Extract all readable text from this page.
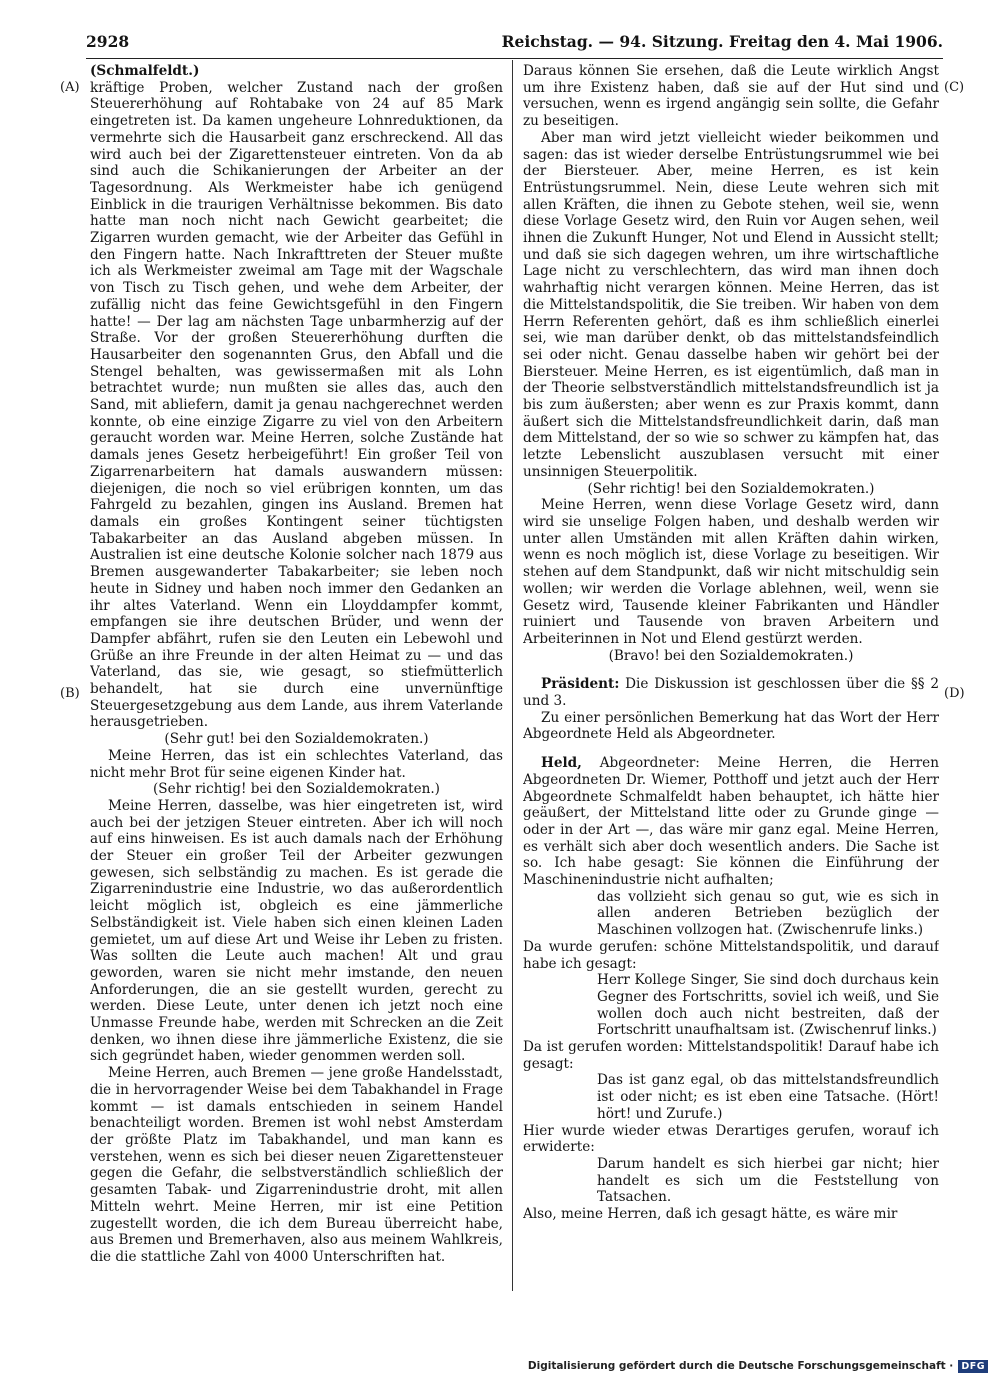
2928	Reichstag. — 94. Sitzung. Freitag den 4. Mai 1906.
(A)
(B)
(C)
(D)
(Schmalfeldt.)

kräftige Proben, welcher Zustand nach der großen Steuererhöhung auf Rohtabake von 24 auf 85 Mark eingetreten ist. Da kamen ungeheure Lohnreduktionen, da vermehrte sich die Hausarbeit ganz erschreckend. All das wird auch bei der Zigarettensteuer eintreten. Von da ab sind auch die Schikanierungen der Arbeiter an der Tagesordnung. Als Werkmeister habe ich genügend Einblick in die traurigen Verhältnisse bekommen. Bis dato hatte man noch nicht nach Gewicht gearbeitet; die Zigarren wurden gemacht, wie der Arbeiter das Gefühl in den Fingern hatte. Nach Inkrafttreten der Steuer mußte ich als Werkmeister zweimal am Tage mit der Wagschale von Tisch zu Tisch gehen, und wehe dem Arbeiter, der zufällig nicht das feine Gewichtsgefühl in den Fingern hatte! — Der lag am nächsten Tage unbarmherzig auf der Straße. Vor der großen Steuererhöhung durften die Hausarbeiter den sogenannten Grus, den Abfall und die Stengel behalten, was gewissermaßen mit als Lohn betrachtet wurde; nun mußten sie alles das, auch den Sand, mit abliefern, damit ja genau nachgerechnet werden konnte, ob eine einzige Zigarre zu viel von den Arbeitern geraucht worden war. Meine Herren, solche Zustände hat damals jenes Gesetz herbeigeführt! Ein großer Teil von Zigarrenarbeitern hat damals auswandern müssen: diejenigen, die noch so viel erübrigen konnten, um das Fahrgeld zu bezahlen, gingen ins Ausland. Bremen hat damals ein großes Kontingent seiner tüchtigsten Tabakarbeiter an das Ausland abgeben müssen. In Australien ist eine deutsche Kolonie solcher nach 1879 aus Bremen ausgewanderter Tabakarbeiter; sie leben noch heute in Sidney und haben noch immer den Gedanken an ihr altes Vaterland. Wenn ein Lloyddampfer kommt, empfangen sie ihre deutschen Brüder, und wenn der Dampfer abfährt, rufen sie den Leuten ein Lebewohl und Grüße an ihre Freunde in der alten Heimat zu — und das Vaterland, das sie, wie gesagt, so stiefmütterlich behandelt, hat sie durch eine unvernünftige Steuergesetzgebung aus dem Lande, aus ihrem Vaterlande herausgetrieben.

(Sehr gut! bei den Sozialdemokraten.)

Meine Herren, das ist ein schlechtes Vaterland, das nicht mehr Brot für seine eigenen Kinder hat.

(Sehr richtig! bei den Sozialdemokraten.)

Meine Herren, dasselbe, was hier eingetreten ist, wird auch bei der jetzigen Steuer eintreten. Aber ich will noch auf eins hinweisen. Es ist auch damals nach der Erhöhung der Steuer ein großer Teil der Arbeiter gezwungen gewesen, sich selbständig zu machen. Es ist gerade die Zigarrenindustrie eine Industrie, wo das außerordentlich leicht möglich ist, obgleich es eine jämmerliche Selbständigkeit ist. Viele haben sich einen kleinen Laden gemietet, um auf diese Art und Weise ihr Leben zu fristen. Was sollten die Leute auch machen! Alt und grau geworden, waren sie nicht mehr imstande, den neuen Anforderungen, die an sie gestellt wurden, gerecht zu werden. Diese Leute, unter denen ich jetzt noch eine Unmasse Freunde habe, werden mit Schrecken an die Zeit denken, wo ihnen diese ihre jämmerliche Existenz, die sie sich gegründet haben, wieder genommen werden soll.

Meine Herren, auch Bremen — jene große Handelsstadt, die in hervorragender Weise bei dem Tabakhandel in Frage kommt — ist damals entschieden in seinem Handel benachteiligt worden. Bremen ist wohl nebst Amsterdam der größte Platz im Tabakhandel, und man kann es verstehen, wenn es sich bei dieser neuen Zigarettensteuer gegen die Gefahr, die selbstverständlich schließlich der gesamten Tabak- und Zigarrenindustrie droht, mit allen Mitteln wehrt. Meine Herren, mir ist eine Petition zugestellt worden, die ich dem Bureau überreicht habe, aus Bremen und Bremerhaven, also aus meinem Wahlkreis, die die stattliche Zahl von 4000 Unterschriften hat.

Daraus können Sie ersehen, daß die Leute wirklich Angst um ihre Existenz haben, daß sie auf der Hut sind und versuchen, wenn es irgend angängig sein sollte, die Gefahr zu beseitigen.

Aber man wird jetzt vielleicht wieder beikommen und sagen: das ist wieder derselbe Entrüstungsrummel wie bei der Biersteuer. Aber, meine Herren, es ist kein Entrüstungsrummel. Nein, diese Leute wehren sich mit allen Kräften, die ihnen zu Gebote stehen, weil sie, wenn diese Vorlage Gesetz wird, den Ruin vor Augen sehen, weil ihnen die Zukunft Hunger, Not und Elend in Aussicht stellt; und daß sie sich dagegen wehren, um ihre wirtschaftliche Lage nicht zu verschlechtern, das wird man ihnen doch wahrhaftig nicht verargen können. Meine Herren, das ist die Mittelstandspolitik, die Sie treiben. Wir haben von dem Herrn Referenten gehört, daß es ihm schließlich einerlei sei, wie man darüber denkt, ob das mittelstandsfeindlich sei oder nicht. Genau dasselbe haben wir gehört bei der Biersteuer. Meine Herren, es ist eigentümlich, daß man in der Theorie selbstverständlich mittelstandsfreundlich ist ja bis zum äußersten; aber wenn es zur Praxis kommt, dann äußert sich die Mittelstandsfreundlichkeit darin, daß man dem Mittelstand, der so wie so schwer zu kämpfen hat, das letzte Lebenslicht auszublasen versucht mit einer unsinnigen Steuerpolitik.

(Sehr richtig! bei den Sozialdemokraten.)

Meine Herren, wenn diese Vorlage Gesetz wird, dann wird sie unselige Folgen haben, und deshalb werden wir unter allen Umständen mit allen Kräften dahin wirken, wenn es noch möglich ist, diese Vorlage zu beseitigen. Wir stehen auf dem Standpunkt, daß wir nicht mitschuldig sein wollen; wir werden die Vorlage ablehnen, weil, wenn sie Gesetz wird, Tausende kleiner Fabrikanten und Händler ruiniert und Tausende von braven Arbeitern und Arbeiterinnen in Not und Elend gestürzt werden.

(Bravo! bei den Sozialdemokraten.)

Präsident: Die Diskussion ist geschlossen über die §§ 2 und 3.

Zu einer persönlichen Bemerkung hat das Wort der Herr Abgeordnete Held als Abgeordneter.

Held, Abgeordneter: Meine Herren, die Herren Abgeordneten Dr. Wiemer, Potthoff und jetzt auch der Herr Abgeordnete Schmalfeldt haben behauptet, ich hätte hier geäußert, der Mittelstand litte oder zu Grunde ginge — oder in der Art —, das wäre mir ganz egal. Meine Herren, es verhält sich aber doch wesentlich anders. Die Sache ist so. Ich habe gesagt: Sie können die Einführung der Maschinenindustrie nicht aufhalten;

das vollzieht sich genau so gut, wie es sich in allen anderen Betrieben bezüglich der Maschinen vollzogen hat. (Zwischenrufe links.)

Da wurde gerufen: schöne Mittelstandspolitik, und darauf habe ich gesagt:

Herr Kollege Singer, Sie sind doch durchaus kein Gegner des Fortschritts, soviel ich weiß, und Sie wollen doch auch nicht bestreiten, daß der Fortschritt unaufhaltsam ist. (Zwischenruf links.)

Da ist gerufen worden: Mittelstandspolitik! Darauf habe ich gesagt:

Das ist ganz egal, ob das mittelstandsfreundlich ist oder nicht; es ist eben eine Tatsache. (Hört! hört! und Zurufe.)

Hier wurde wieder etwas Derartiges gerufen, worauf ich erwiderte:

Darum handelt es sich hierbei gar nicht; hier handelt es sich um die Feststellung von Tatsachen.

Also, meine Herren, daß ich gesagt hätte, es wäre mir

Digitalisierung gefördert durch die Deutsche Forschungsgemeinschaft · DFG
